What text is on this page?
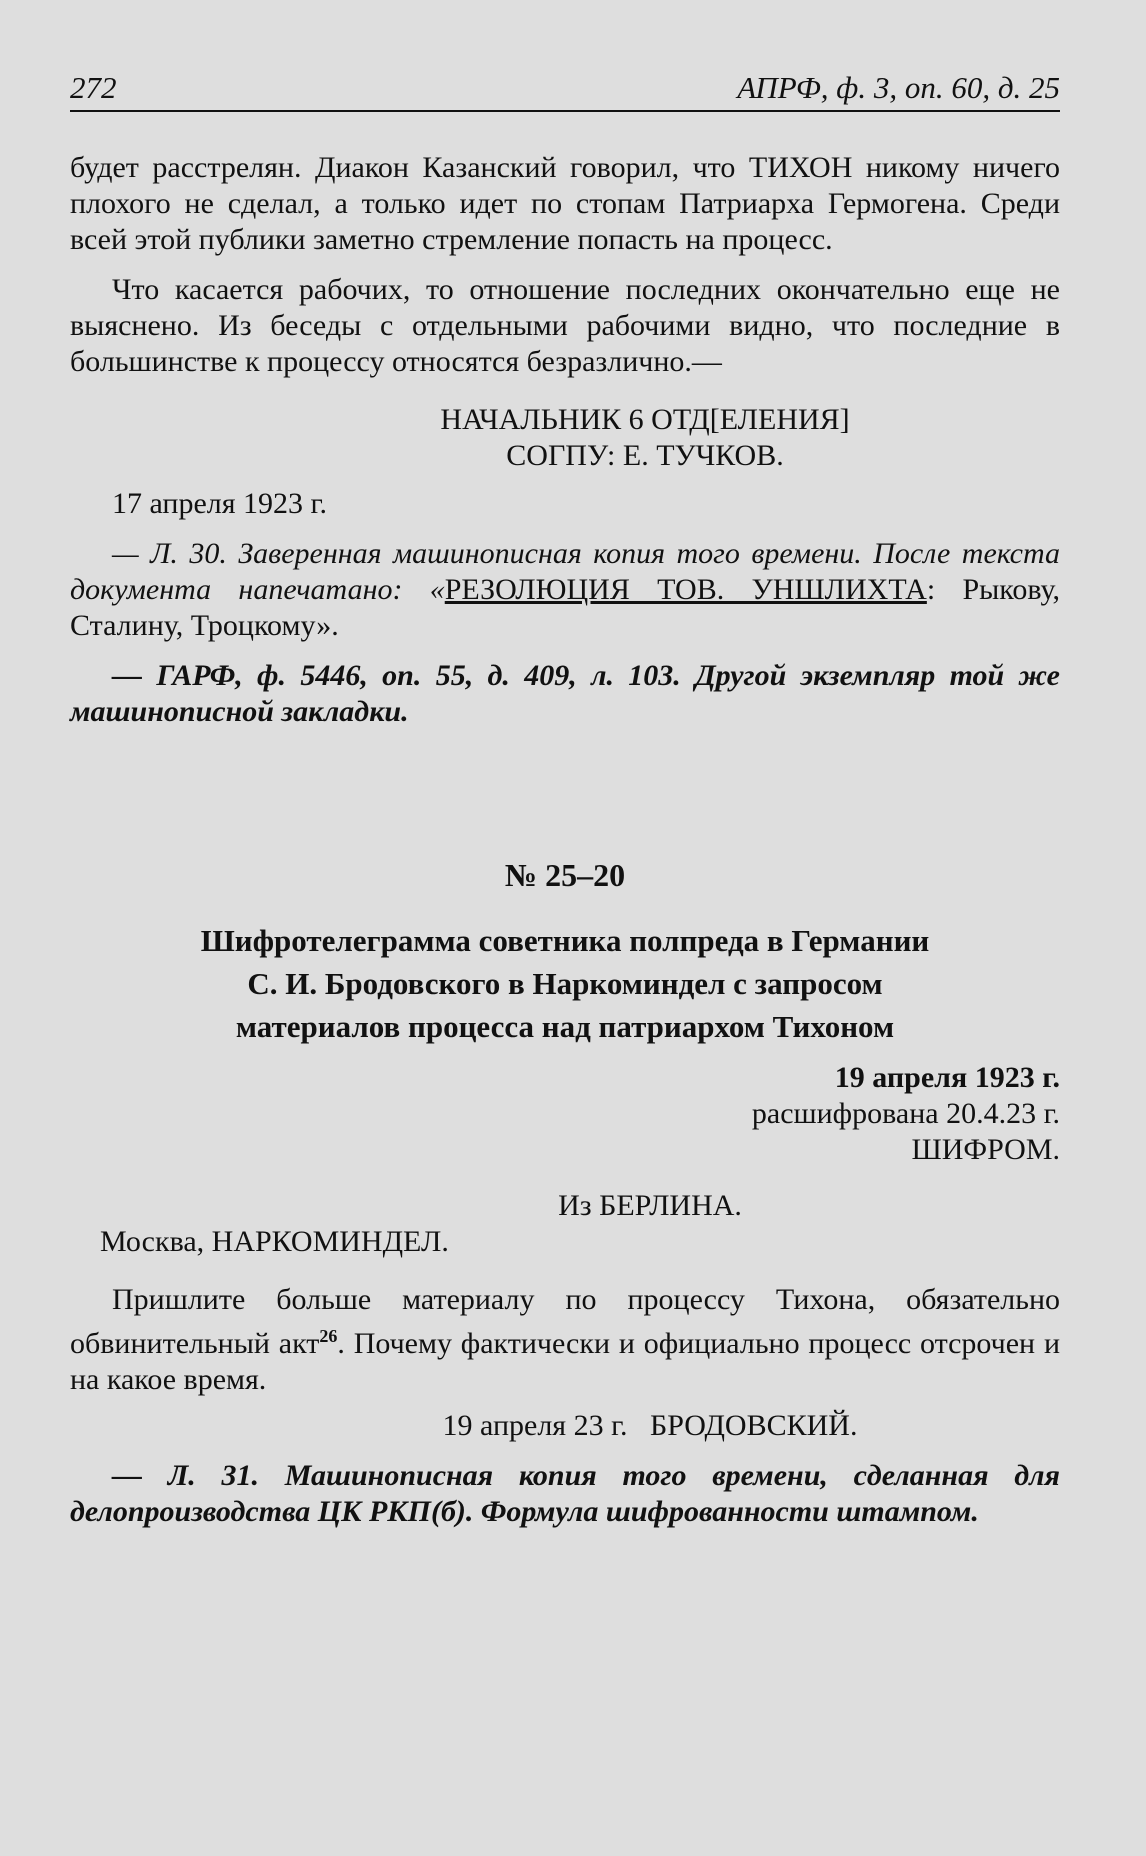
272	АПРФ, ф. 3, оп. 60, д. 25

будет расстрелян. Диакон Казанский говорил, что ТИХОН никому ничего плохого не сделал, а только идет по стопам Патриарха Гермогена. Среди всей этой публики заметно стремление попасть на процесс.

Что касается рабочих, то отношение последних окончательно еще не выяснено. Из беседы с отдельными рабочими видно, что последние в большинстве к процессу относятся безразлично.—

НАЧАЛЬНИК 6 ОТД[ЕЛЕНИЯ]

СОГПУ: Е. ТУЧКОВ.

17 апреля 1923 г.

— Л. 30. Заверенная машинописная копия того времени. После текста документа напечатано: «РЕЗОЛЮЦИЯ ТОВ. УНШЛИХТА: Рыкову, Сталину, Троцкому».

— ГАРФ, ф. 5446, оп. 55, д. 409, л. 103. Другой экземпляр той же машинописной закладки.

№ 25–20

Шифротелеграмма советника полпреда в Германии

С. И. Бродовского в Наркоминдел с запросом

материалов процесса над патриархом Тихоном

19 апреля 1923 г.

расшифрована 20.4.23 г.

ШИФРОМ.

Из БЕРЛИНА.

Москва, НАРКОМИНДЕЛ.

Пришлите больше материалу по процессу Тихона, обязательно обвинительный акт$^{26}$. Почему фактически и официально процесс отсрочен и на какое время.

19 апреля 23 г. БРОДОВСКИЙ.

— Л. 31. Машинописная копия того времени, сделанная для делопроизводства ЦК РКП(б). Формула шифрованности штампом.
